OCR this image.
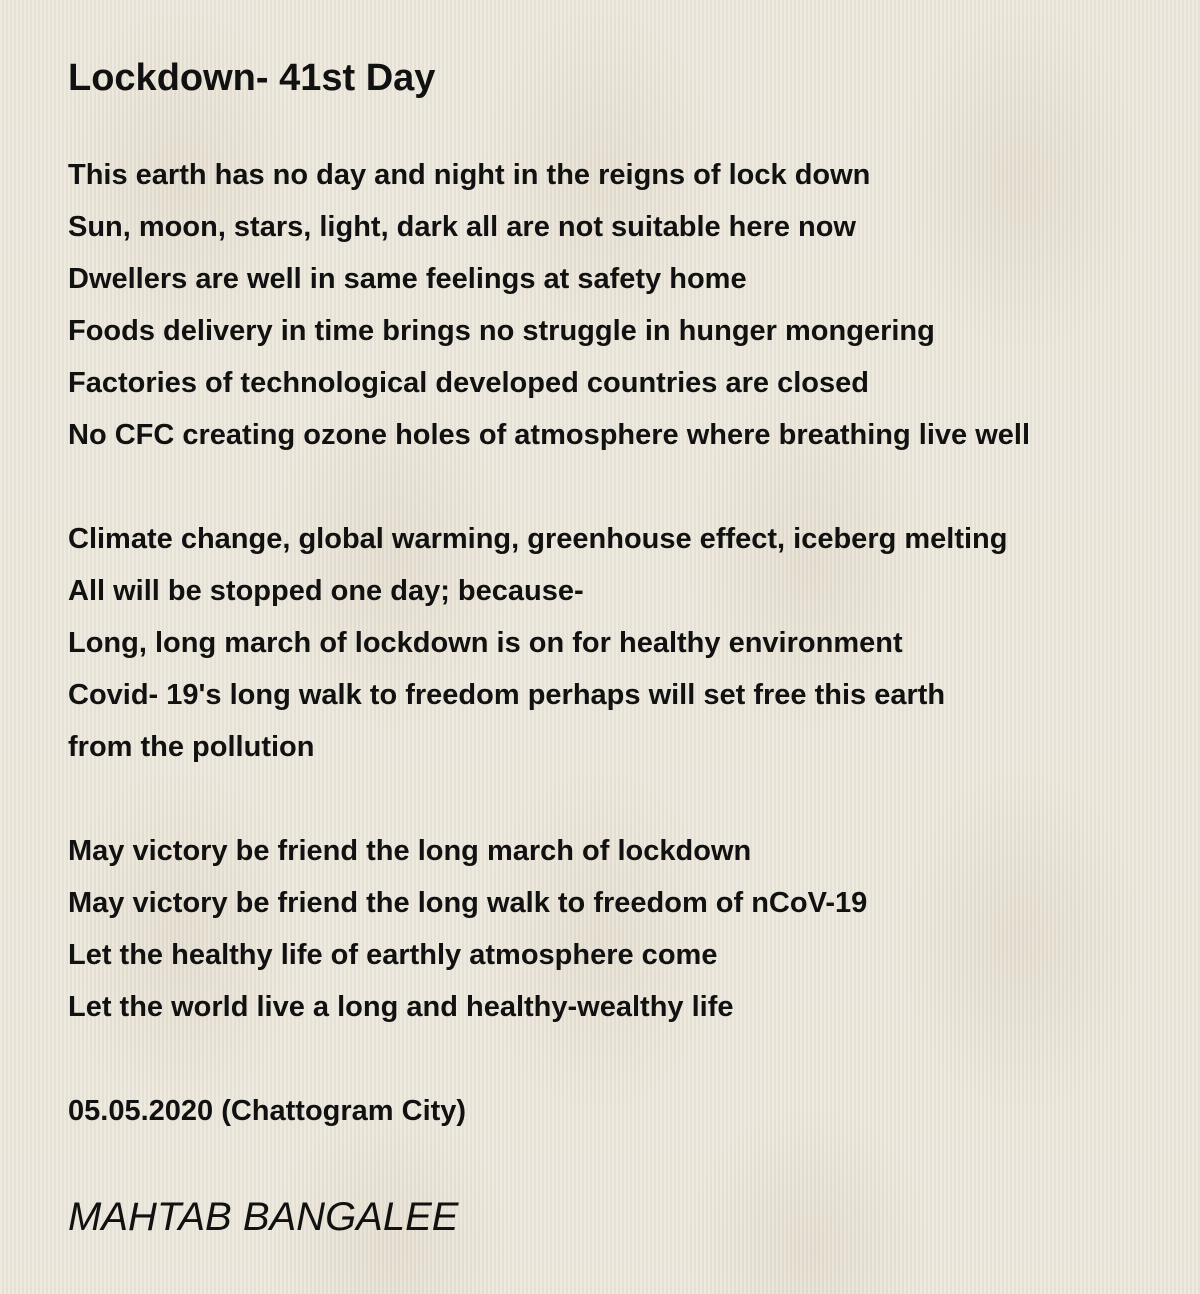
Lockdown- 41st Day
This earth has no day and night in the reigns of lock down
Sun, moon, stars, light, dark all are not suitable here now
Dwellers are well in same feelings at safety home
Foods delivery in time brings no struggle in hunger mongering
Factories of technological developed countries are closed
No CFC creating ozone holes of atmosphere where breathing live well
Climate change, global warming, greenhouse effect, iceberg melting
All will be stopped one day; because-
Long, long march of lockdown is on for healthy environment
Covid- 19's long walk to freedom perhaps will set free this earth
from the pollution
May victory be friend the long march of lockdown
May victory be friend the long walk to freedom of nCoV-19
Let the healthy life of earthly atmosphere come
Let the world live a long and healthy-wealthy life
05.05.2020 (Chattogram City)
MAHTAB BANGALEE
